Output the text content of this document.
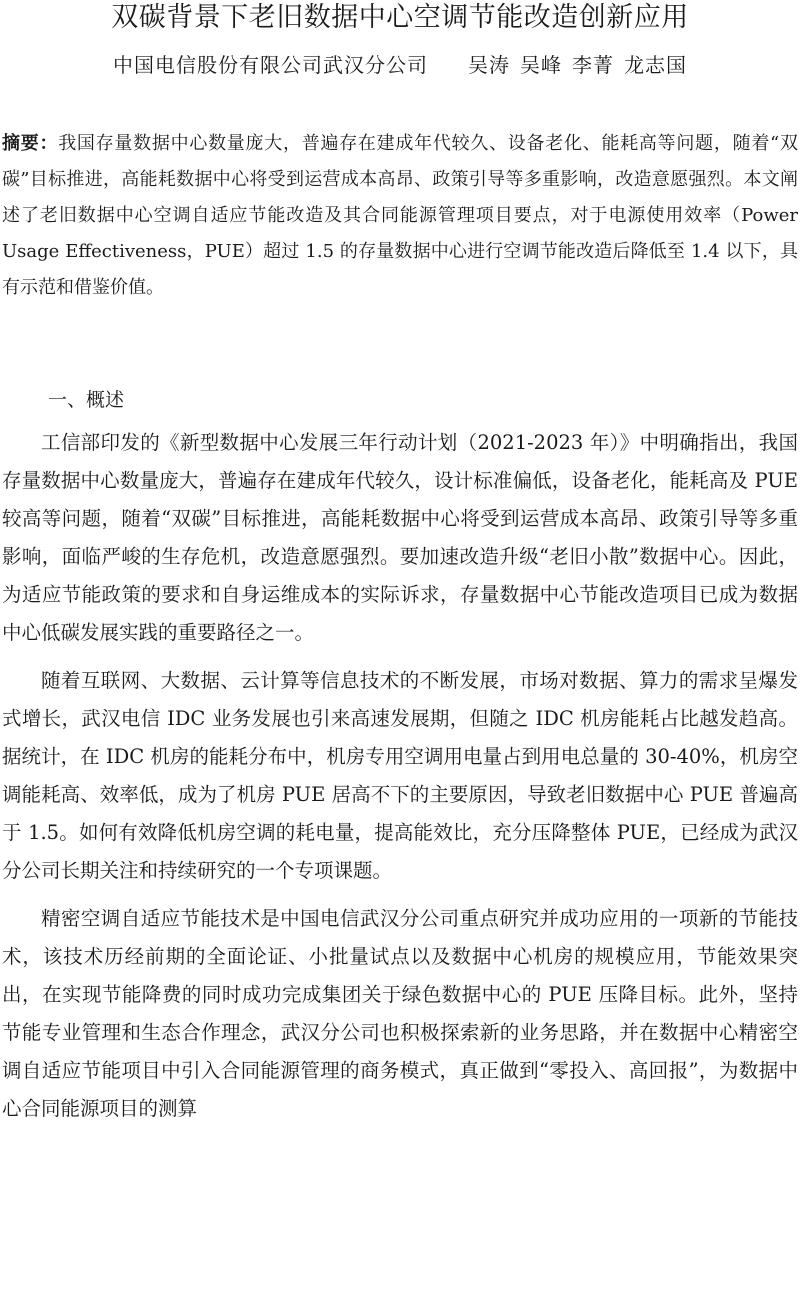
双碳背景下老旧数据中心空调节能改造创新应用
中国电信股份有限公司武汉分公司 吴涛 吴峰 李菁 龙志国
摘要：我国存量数据中心数量庞大，普遍存在建成年代较久、设备老化、能耗高等问题，随着“双碳”目标推进，高能耗数据中心将受到运营成本高昂、政策引导等多重影响，改造意愿强烈。本文阐述了老旧数据中心空调自适应节能改造及其合同能源管理项目要点，对于电源使用效率（Power Usage Effectiveness，PUE）超过 1.5 的存量数据中心进行空调节能改造后降低至 1.4 以下，具有示范和借鉴价值。
一、概述

工信部印发的《新型数据中心发展三年行动计划（2021-2023 年）》中明确指出，我国存量数据中心数量庞大，普遍存在建成年代较久，设计标准偏低，设备老化，能耗高及 PUE 较高等问题，随着“双碳”目标推进，高能耗数据中心将受到运营成本高昂、政策引导等多重影响，面临严峻的生存危机，改造意愿强烈。要加速改造升级“老旧小散”数据中心。因此，为适应节能政策的要求和自身运维成本的实际诉求，存量数据中心节能改造项目已成为数据中心低碳发展实践的重要路径之一。

随着互联网、大数据、云计算等信息技术的不断发展，市场对数据、算力的需求呈爆发式增长，武汉电信 IDC 业务发展也引来高速发展期，但随之 IDC 机房能耗占比越发趋高。据统计，在 IDC 机房的能耗分布中，机房专用空调用电量占到用电总量的 30-40%，机房空调能耗高、效率低，成为了机房 PUE 居高不下的主要原因，导致老旧数据中心 PUE 普遍高于 1.5。如何有效降低机房空调的耗电量，提高能效比，充分压降整体 PUE，已经成为武汉分公司长期关注和持续研究的一个专项课题。

精密空调自适应节能技术是中国电信武汉分公司重点研究并成功应用的一项新的节能技术，该技术历经前期的全面论证、小批量试点以及数据中心机房的规模应用，节能效果突出，在实现节能降费的同时成功完成集团关于绿色数据中心的 PUE 压降目标。此外，坚持节能专业管理和生态合作理念，武汉分公司也积极探索新的业务思路，并在数据中心精密空调自适应节能项目中引入合同能源管理的商务模式，真正做到“零投入、高回报”，为数据中心合同能源项目的测算
